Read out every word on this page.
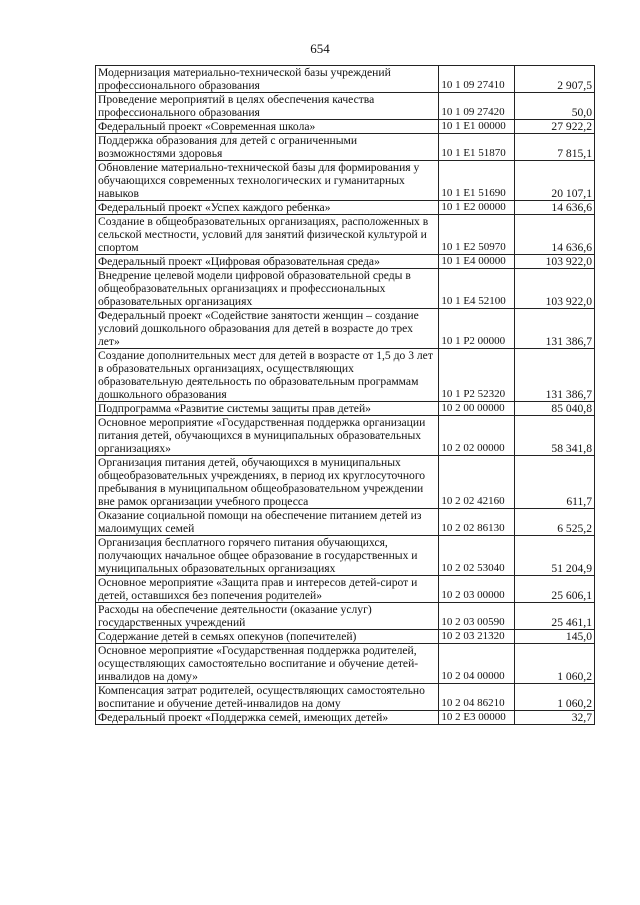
654
Модернизация материально-технической базы учреждений профессионального образования	10 1 09 27410	2 907,5
Проведение мероприятий в целях обеспечения качества профессионального образования	10 1 09 27420	50,0
Федеральный проект «Современная школа»	10 1 E1 00000	27 922,2
Поддержка образования для детей с ограниченными возможностями здоровья	10 1 E1 51870	7 815,1
Обновление материально-технической базы для формирования у обучающихся современных технологических и гуманитарных навыков	10 1 E1 51690	20 107,1
Федеральный проект «Успех каждого ребенка»	10 1 E2 00000	14 636,6
Создание в общеобразовательных организациях, расположенных в сельской местности, условий для занятий физической культурой и спортом	10 1 E2 50970	14 636,6
Федеральный проект «Цифровая образовательная среда»	10 1 E4 00000	103 922,0
Внедрение целевой модели цифровой образовательной среды в общеобразовательных организациях и профессиональных образовательных организациях	10 1 E4 52100	103 922,0
Федеральный проект «Содействие занятости женщин – создание условий дошкольного образования для детей в возрасте до трех лет»	10 1 P2 00000	131 386,7
Создание дополнительных мест для детей в возрасте от 1,5 до 3 лет в образовательных организациях, осуществляющих образовательную деятельность по образовательным программам дошкольного образования	10 1 P2 52320	131 386,7
Подпрограмма «Развитие системы защиты прав детей»	10 2 00 00000	85 040,8
Основное мероприятие «Государственная поддержка организации питания детей, обучающихся в муниципальных образовательных организациях»	10 2 02 00000	58 341,8
Организация питания детей, обучающихся в муниципальных общеобразовательных учреждениях, в период их круглосуточного пребывания в муниципальном общеобразовательном учреждении вне рамок организации учебного процесса	10 2 02 42160	611,7
Оказание социальной помощи на обеспечение питанием детей из малоимущих семей	10 2 02 86130	6 525,2
Организация бесплатного горячего питания обучающихся, получающих начальное общее образование в государственных и муниципальных образовательных организациях	10 2 02 53040	51 204,9
Основное мероприятие «Защита прав и интересов детей-сирот и детей, оставшихся без попечения родителей»	10 2 03 00000	25 606,1
Расходы на обеспечение деятельности (оказание услуг) государственных учреждений	10 2 03 00590	25 461,1
Содержание детей в семьях опекунов (попечителей)	10 2 03 21320	145,0
Основное мероприятие «Государственная поддержка родителей, осуществляющих самостоятельно воспитание и обучение детей-инвалидов на дому»	10 2 04 00000	1 060,2
Компенсация затрат родителей, осуществляющих самостоятельно воспитание и обучение детей-инвалидов на дому	10 2 04 86210	1 060,2
Федеральный проект «Поддержка семей, имеющих детей»	10 2 E3 00000	32,7
